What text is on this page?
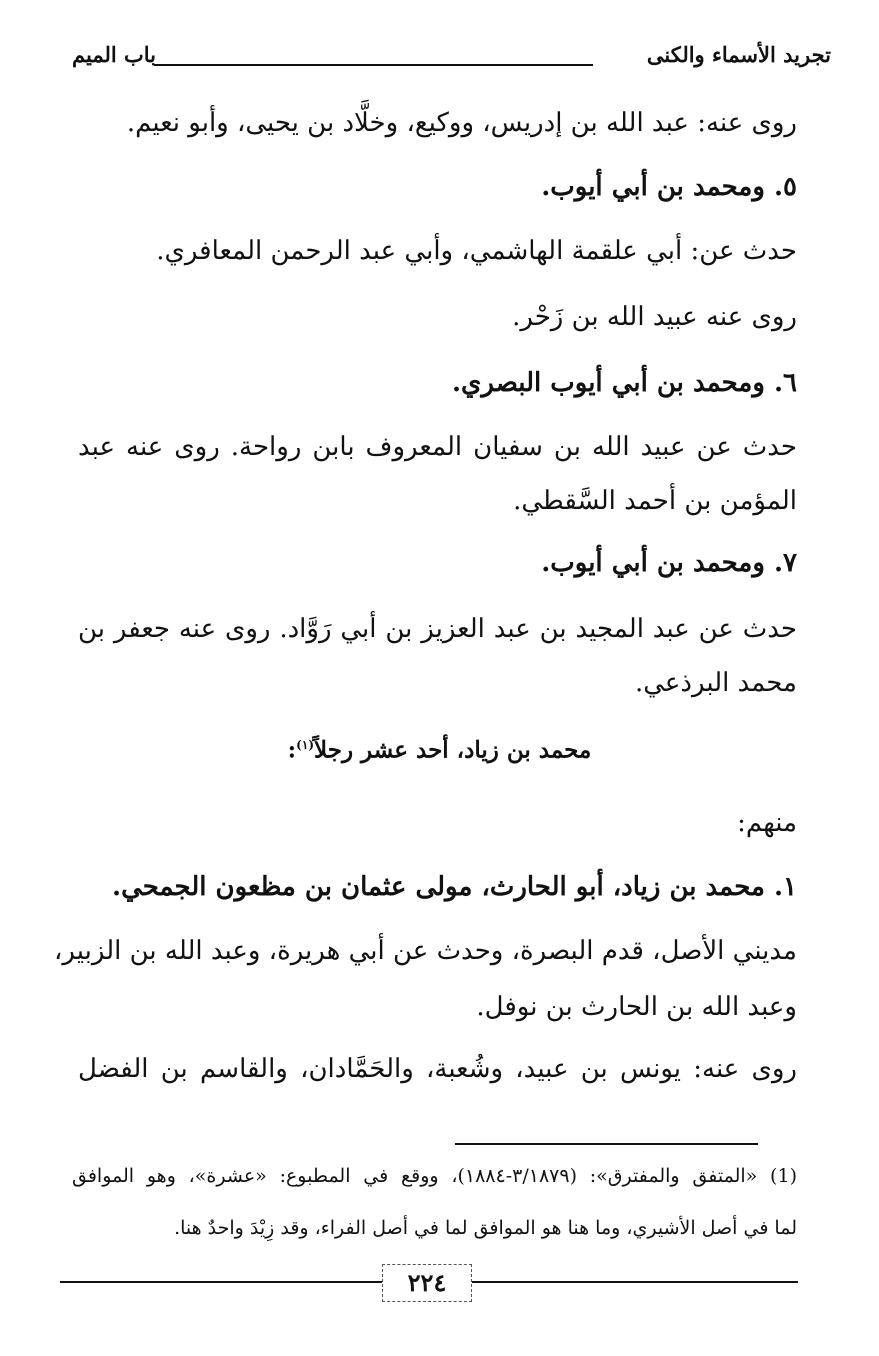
تجريد الأسماء والكنى
باب الميم
روى عنه: عبد الله بن إدريس، ووكيع، وخلَّاد بن يحيى، وأبو نعيم.
٥. ومحمد بن أبي أيوب.
حدث عن: أبي علقمة الهاشمي، وأبي عبد الرحمن المعافري.
روى عنه عبيد الله بن زَحْر.
٦. ومحمد بن أبي أيوب البصري.
حدث عن عبيد الله بن سفيان المعروف بابن رواحة. روى عنه عبد
المؤمن بن أحمد السَّقطي.
٧. ومحمد بن أبي أيوب.
حدث عن عبد المجيد بن عبد العزيز بن أبي رَوَّاد. روى عنه جعفر بن
محمد البرذعي.
محمد بن زياد، أحد عشر رجلاً$^{(١)}$:
منهم:
١. محمد بن زياد، أبو الحارث، مولى عثمان بن مظعون الجمحي.
مديني الأصل، قدم البصرة، وحدث عن أبي هريرة، وعبد الله بن الزبير،
وعبد الله بن الحارث بن نوفل.
روى عنه: يونس بن عبيد، وشُعبة، والحَمَّادان، والقاسم بن الفضل
(1) «المتفق والمفترق»: (٣/١٨٧٩-١٨٨٤)، ووقع في المطبوع: «عشرة»، وهو الموافق
لما في أصل الأشيري، وما هنا هو الموافق لما في أصل الفراء، وقد زِيْدَ واحدٌ هنا.
٢٢٤
